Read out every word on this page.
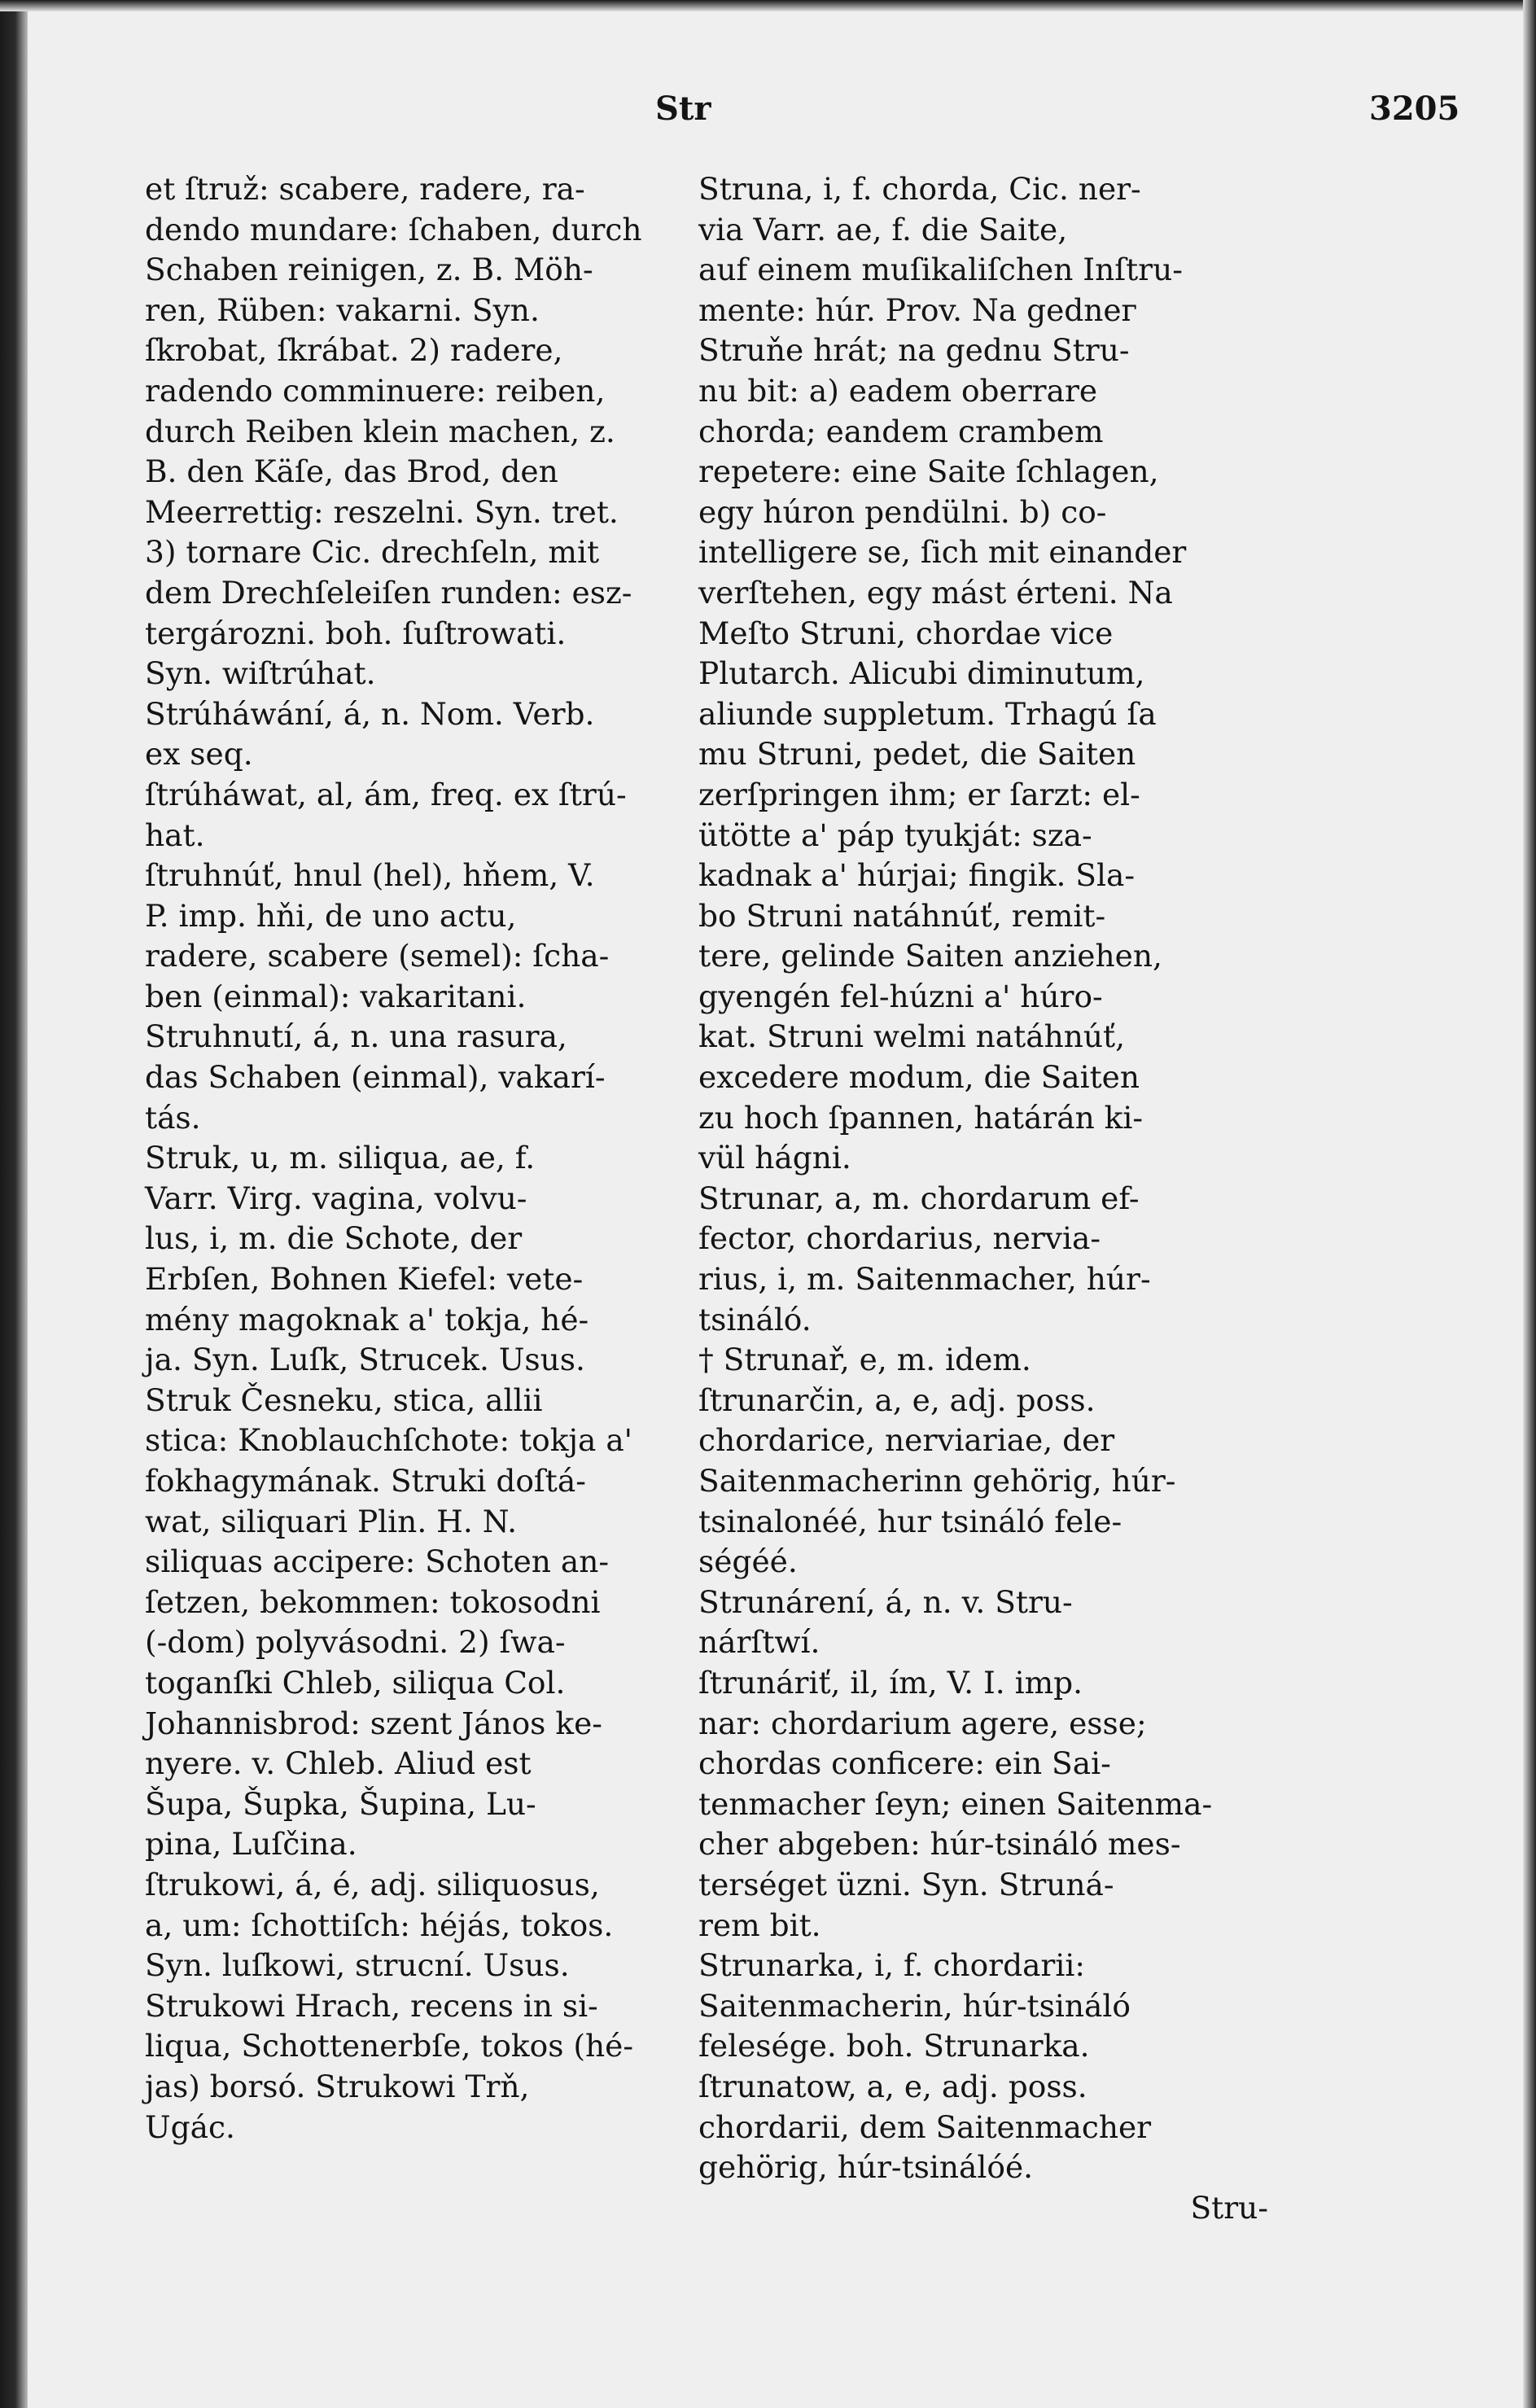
Str	3205
et ſtruž: scabere, radere, ra-
dendo mundare: ſchaben, durch
Schaben reinigen, z. B. Möh-
ren, Rüben: vakarni. Syn.
ſkrobat, ſkrábat. 2) radere,
radendo comminuere: reiben,
durch Reiben klein machen, z.
B. den Käſe, das Brod, den
Meerrettig: reszelni. Syn. tret.
3) tornare Cic. drechſeln, mit
dem Drechſeleiſen runden: esz-
tergározni. boh. ſuſtrowati.
Syn. wiſtrúhat.
Strúháwání, á, n. Nom. Verb.
ex seq.
ſtrúháwat, al, ám, freq. ex ſtrú-
hat.
ſtruhnúť, hnul (hel), hňem, V.
P. imp. hňi, de uno actu,
radere, scabere (semel): ſcha-
ben (einmal): vakaritani.
Struhnutí, á, n. una rasura,
das Schaben (einmal), vakarí-
tás.
Struk, u, m. siliqua, ae, f.
Varr. Virg. vagina, volvu-
lus, i, m. die Schote, der
Erbſen, Bohnen Kiefel: vete-
mény magoknak a' tokja, hé-
ja. Syn. Luſk, Strucek. Usus.
Struk Česneku, stica, allii
stica: Knoblauchſchote: tokja a'
fokhagymának. Struki doſtá-
wat, siliquari Plin. H. N.
siliquas accipere: Schoten an-
ſetzen, bekommen: tokosodni
(-dom) polyvásodni. 2) ſwa-
toganſki Chleb, siliqua Col.
Johannisbrod: szent János ke-
nyere. v. Chleb. Aliud est
Šupa, Šupka, Šupina, Lu-
pina, Luſčina.
ſtrukowi, á, é, adj. siliquosus,
a, um: ſchottiſch: héjás, tokos.
Syn. luſkowi, strucní. Usus.
Strukowi Hrach, recens in si-
liqua, Schottenerbſe, tokos (hé-
jas) borsó. Strukowi Trň,
Ugác.
Struna, i, f. chorda, Cic. ner-
via Varr. ae, f. die Saite,
auf einem muſikaliſchen Inſtru-
mente: húr. Prov. Na gednег
Struňe hrát; na gednu Stru-
nu bit: a) eadem oberrare
chorda; eandem crambem
repetere: eine Saite ſchlagen,
egy húron pendülni. b) co-
intelligere se, ſich mit einander
verſtehen, egy mást érteni. Na
Meſto Struni, chordae vice
Plutarch. Alicubi diminutum,
aliunde suppletum. Trhagú ſa
mu Struni, pedet, die Saiten
zerſpringen ihm; er ſarzt: el-
ütötte a' páp tyukját: sza-
kadnak a' húrjai; fingik. Sla-
bo Struni natáhnúť, remit-
tere, gelinde Saiten anziehen,
gyengén fel-húzni a' húro-
kat. Struni welmi natáhnúť,
excedere modum, die Saiten
zu hoch ſpannen, határán ki-
vül hágni.
Strunar, a, m. chordarum ef-
fector, chordarius, nervia-
rius, i, m. Saitenmacher, húr-
tsináló.
† Strunař, e, m. idem.
ſtrunarčin, a, e, adj. poss.
chordarice, nerviariae, der
Saitenmacherinn gehörig, húr-
tsinalonéé, hur tsináló fele-
ségéé.
Strunárení, á, n. v. Stru-
nárſtwí.
ſtrunáriť, il, ím, V. I. imp.
nar: chordarium agere, esse;
chordas conficere: ein Sai-
tenmacher ſeyn; einen Saitenma-
cher abgeben: húr-tsináló mes-
terséget üzni. Syn. Struná-
rem bit.
Strunarka, i, f. chordarii:
Saitenmacherin, húr-tsináló
felesége. boh. Strunarka.
ſtrunatow, a, e, adj. poss.
chordarii, dem Saitenmacher
gehörig, húr-tsinálóé.
Stru-
